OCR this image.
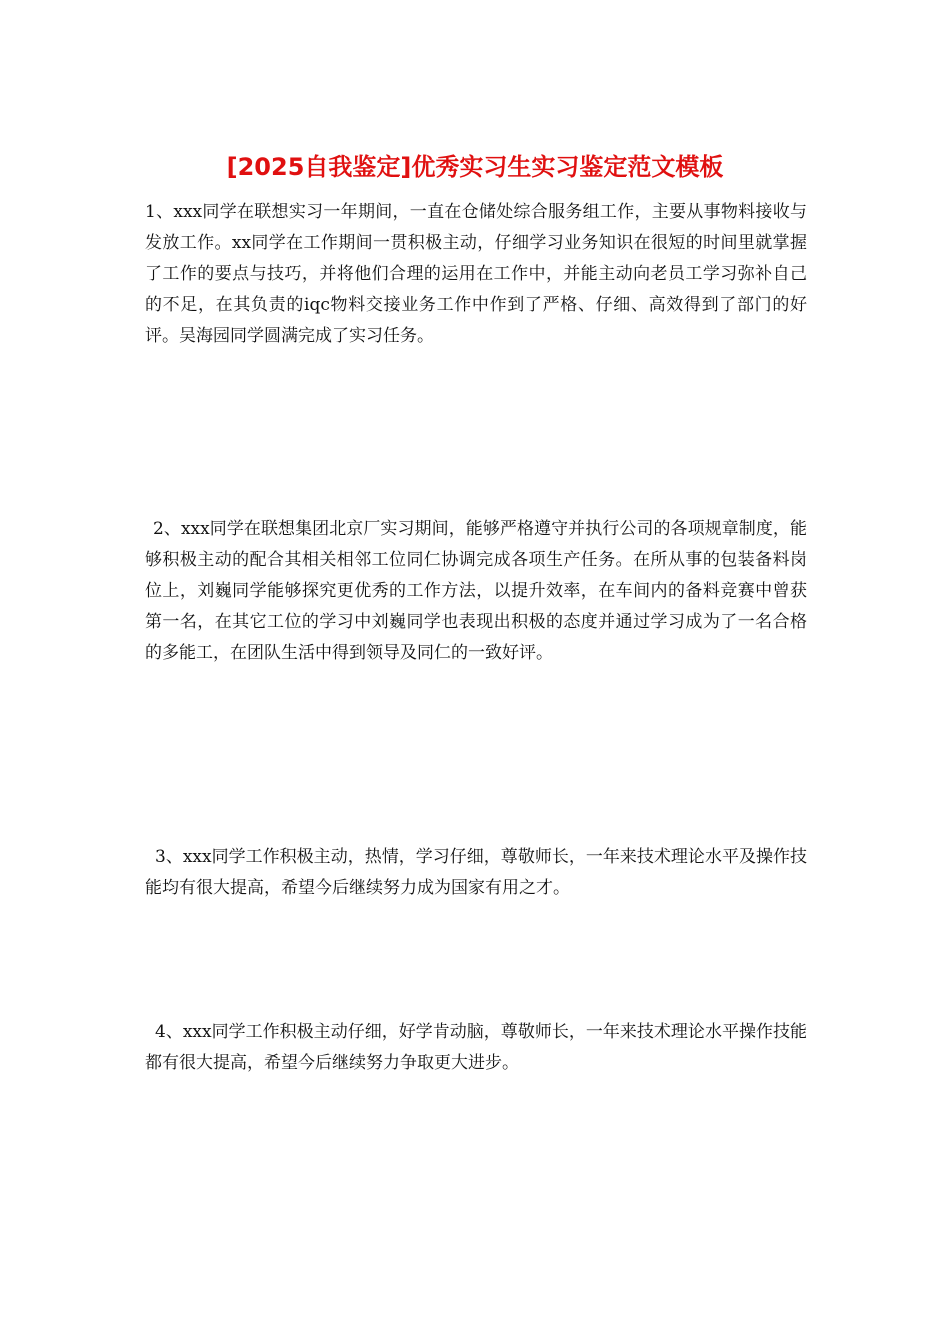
[2025自我鉴定]优秀实习生实习鉴定范文模板

1、xxx同学在联想实习一年期间，一直在仓储处综合服务组工作，主要从事物料接收与发放工作。xx同学在工作期间一贯积极主动，仔细学习业务知识在很短的时间里就掌握 了工作的要点与技巧，并将他们合理的运用在工作中，并能主动向老员工学习弥补自己的不足，在其负责的iqc物料交接业务工作中作到了严格、仔细、高效得到了部门的好评。吴海园同学圆满完成了实习任务。

2、xxx同学在联想集团北京厂实习期间，能够严格遵守并执行公司的各项规章制度，能够积极主动的配合其相关相邻工位同仁协调完成各项生产任务。在所从事的包装备料岗位上，刘巍同学能够探究更优秀的工作方法，以提升效率，在车间内的备料竞赛中曾获第一名，在其它工位的学习中刘巍同学也表现出积极的态度并通过学习成为了一名合格的多能工，在团队生活中得到领导及同仁的一致好评。

3、xxx同学工作积极主动，热情，学习仔细，尊敬师长，一年来技术理论水平及操作技能均有很大提高，希望今后继续努力成为国家有用之才。

4、xxx同学工作积极主动仔细，好学肯动脑，尊敬师长，一年来技术理论水平操作技能都有很大提高，希望今后继续努力争取更大进步。
